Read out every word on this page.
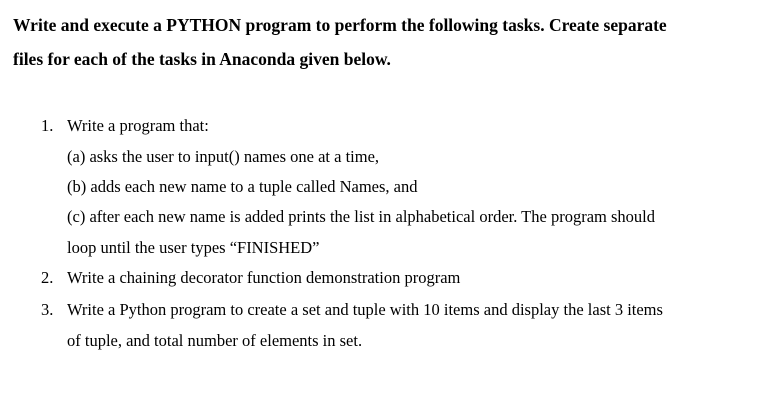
Write and execute a PYTHON program to perform the following tasks. Create separate
files for each of the tasks in Anaconda given below.
1. Write a program that:
(a) asks the user to input() names one at a time,
(b) adds each new name to a tuple called Names, and
(c) after each new name is added prints the list in alphabetical order. The program should
loop until the user types “FINISHED”
2. Write a chaining decorator function demonstration program
3. Write a Python program to create a set and tuple with 10 items and display the last 3 items
of tuple, and total number of elements in set.
